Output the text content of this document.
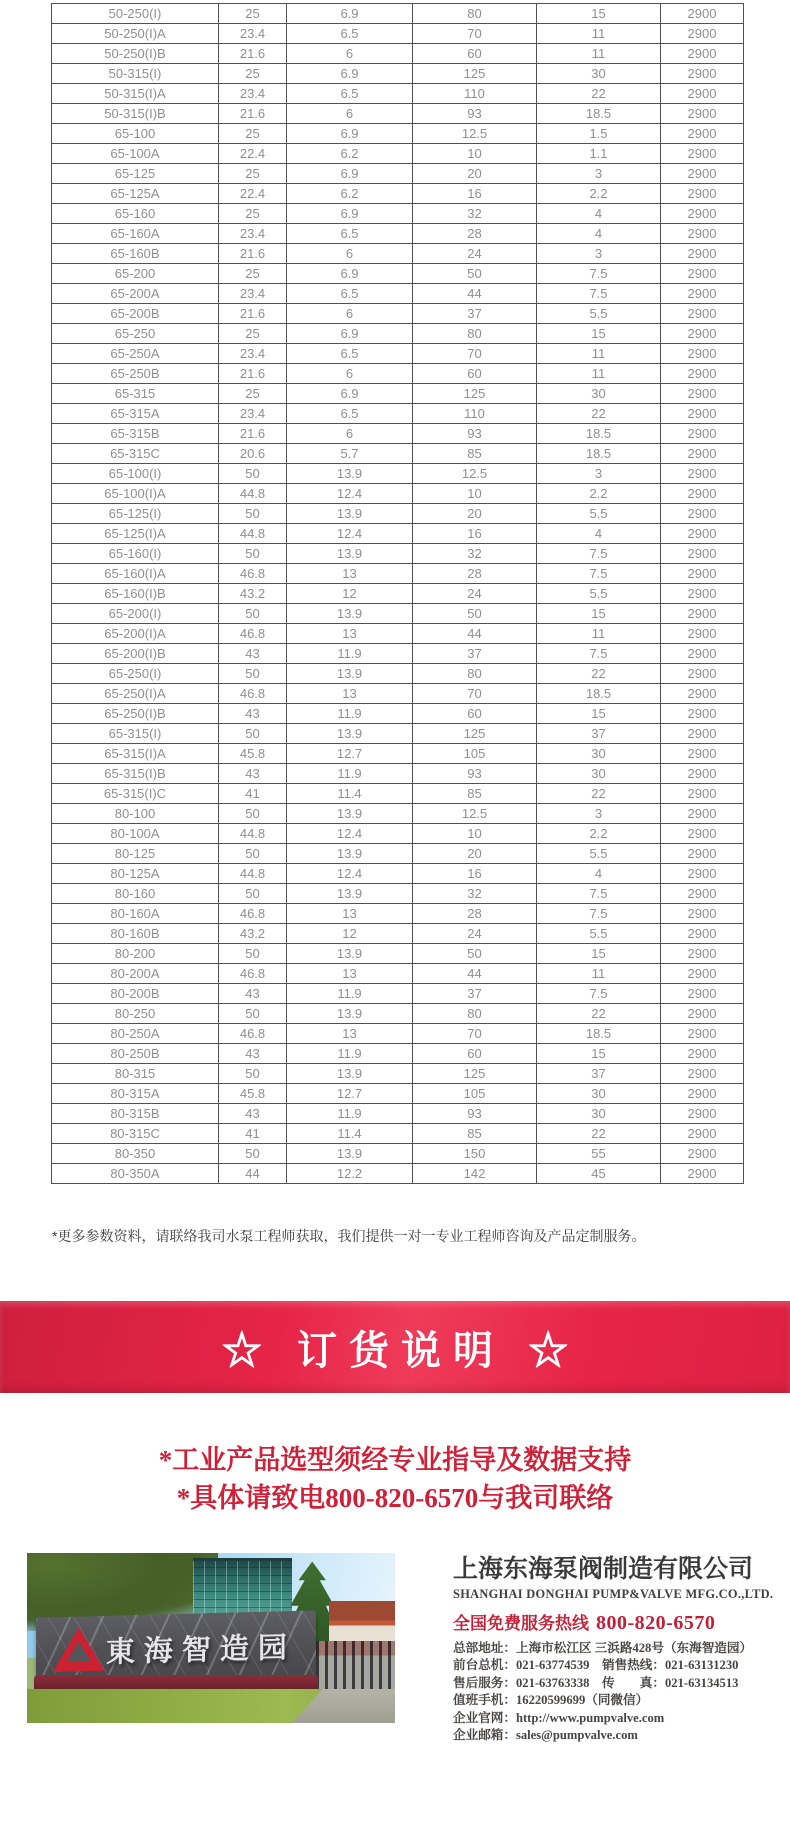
50-250(I)	25	6.9	80	15	2900
50-250(I)A	23.4	6.5	70	11	2900
50-250(I)B	21.6	6	60	11	2900
50-315(I)	25	6.9	125	30	2900
50-315(I)A	23.4	6.5	110	22	2900
50-315(I)B	21.6	6	93	18.5	2900
65-100	25	6.9	12.5	1.5	2900
65-100A	22.4	6.2	10	1.1	2900
65-125	25	6.9	20	3	2900
65-125A	22.4	6.2	16	2.2	2900
65-160	25	6.9	32	4	2900
65-160A	23.4	6.5	28	4	2900
65-160B	21.6	6	24	3	2900
65-200	25	6.9	50	7.5	2900
65-200A	23.4	6.5	44	7.5	2900
65-200B	21.6	6	37	5.5	2900
65-250	25	6.9	80	15	2900
65-250A	23.4	6.5	70	11	2900
65-250B	21.6	6	60	11	2900
65-315	25	6.9	125	30	2900
65-315A	23.4	6.5	110	22	2900
65-315B	21.6	6	93	18.5	2900
65-315C	20.6	5.7	85	18.5	2900
65-100(I)	50	13.9	12.5	3	2900
65-100(I)A	44.8	12.4	10	2.2	2900
65-125(I)	50	13.9	20	5.5	2900
65-125(I)A	44.8	12.4	16	4	2900
65-160(I)	50	13.9	32	7.5	2900
65-160(I)A	46.8	13	28	7.5	2900
65-160(I)B	43.2	12	24	5.5	2900
65-200(I)	50	13.9	50	15	2900
65-200(I)A	46.8	13	44	11	2900
65-200(I)B	43	11.9	37	7.5	2900
65-250(I)	50	13.9	80	22	2900
65-250(I)A	46.8	13	70	18.5	2900
65-250(I)B	43	11.9	60	15	2900
65-315(I)	50	13.9	125	37	2900
65-315(I)A	45.8	12.7	105	30	2900
65-315(I)B	43	11.9	93	30	2900
65-315(I)C	41	11.4	85	22	2900
80-100	50	13.9	12.5	3	2900
80-100A	44.8	12.4	10	2.2	2900
80-125	50	13.9	20	5.5	2900
80-125A	44.8	12.4	16	4	2900
80-160	50	13.9	32	7.5	2900
80-160A	46.8	13	28	7.5	2900
80-160B	43.2	12	24	5.5	2900
80-200	50	13.9	50	15	2900
80-200A	46.8	13	44	11	2900
80-200B	43	11.9	37	7.5	2900
80-250	50	13.9	80	22	2900
80-250A	46.8	13	70	18.5	2900
80-250B	43	11.9	60	15	2900
80-315	50	13.9	125	37	2900
80-315A	45.8	12.7	105	30	2900
80-315B	43	11.9	93	30	2900
80-315C	41	11.4	85	22	2900
80-350	50	13.9	150	55	2900
80-350A	44	12.2	142	45	2900

*更多参数资料，请联络我司水泵工程师获取，我们提供一对一专业工程师咨询及产品定制服务。

☆ 订货说明 ☆
*工业产品选型须经专业指导及数据支持
*具体请致电800-820-6570与我司联络

東海智造园

上海东海泵阀制造有限公司
SHANGHAI DONGHAI PUMP&VALVE MFG.CO.,LTD.
全国免费服务热线 800-820-6570
总部地址：上海市松江区 三浜路428号（东海智造园）
前台总机：021-63774539　销售热线：021-63131230
售后服务：021-63763338　传　　真：021-63134513
值班手机：16220599699（同微信）
企业官网：http://www.pumpvalve.com
企业邮箱：sales@pumpvalve.com
